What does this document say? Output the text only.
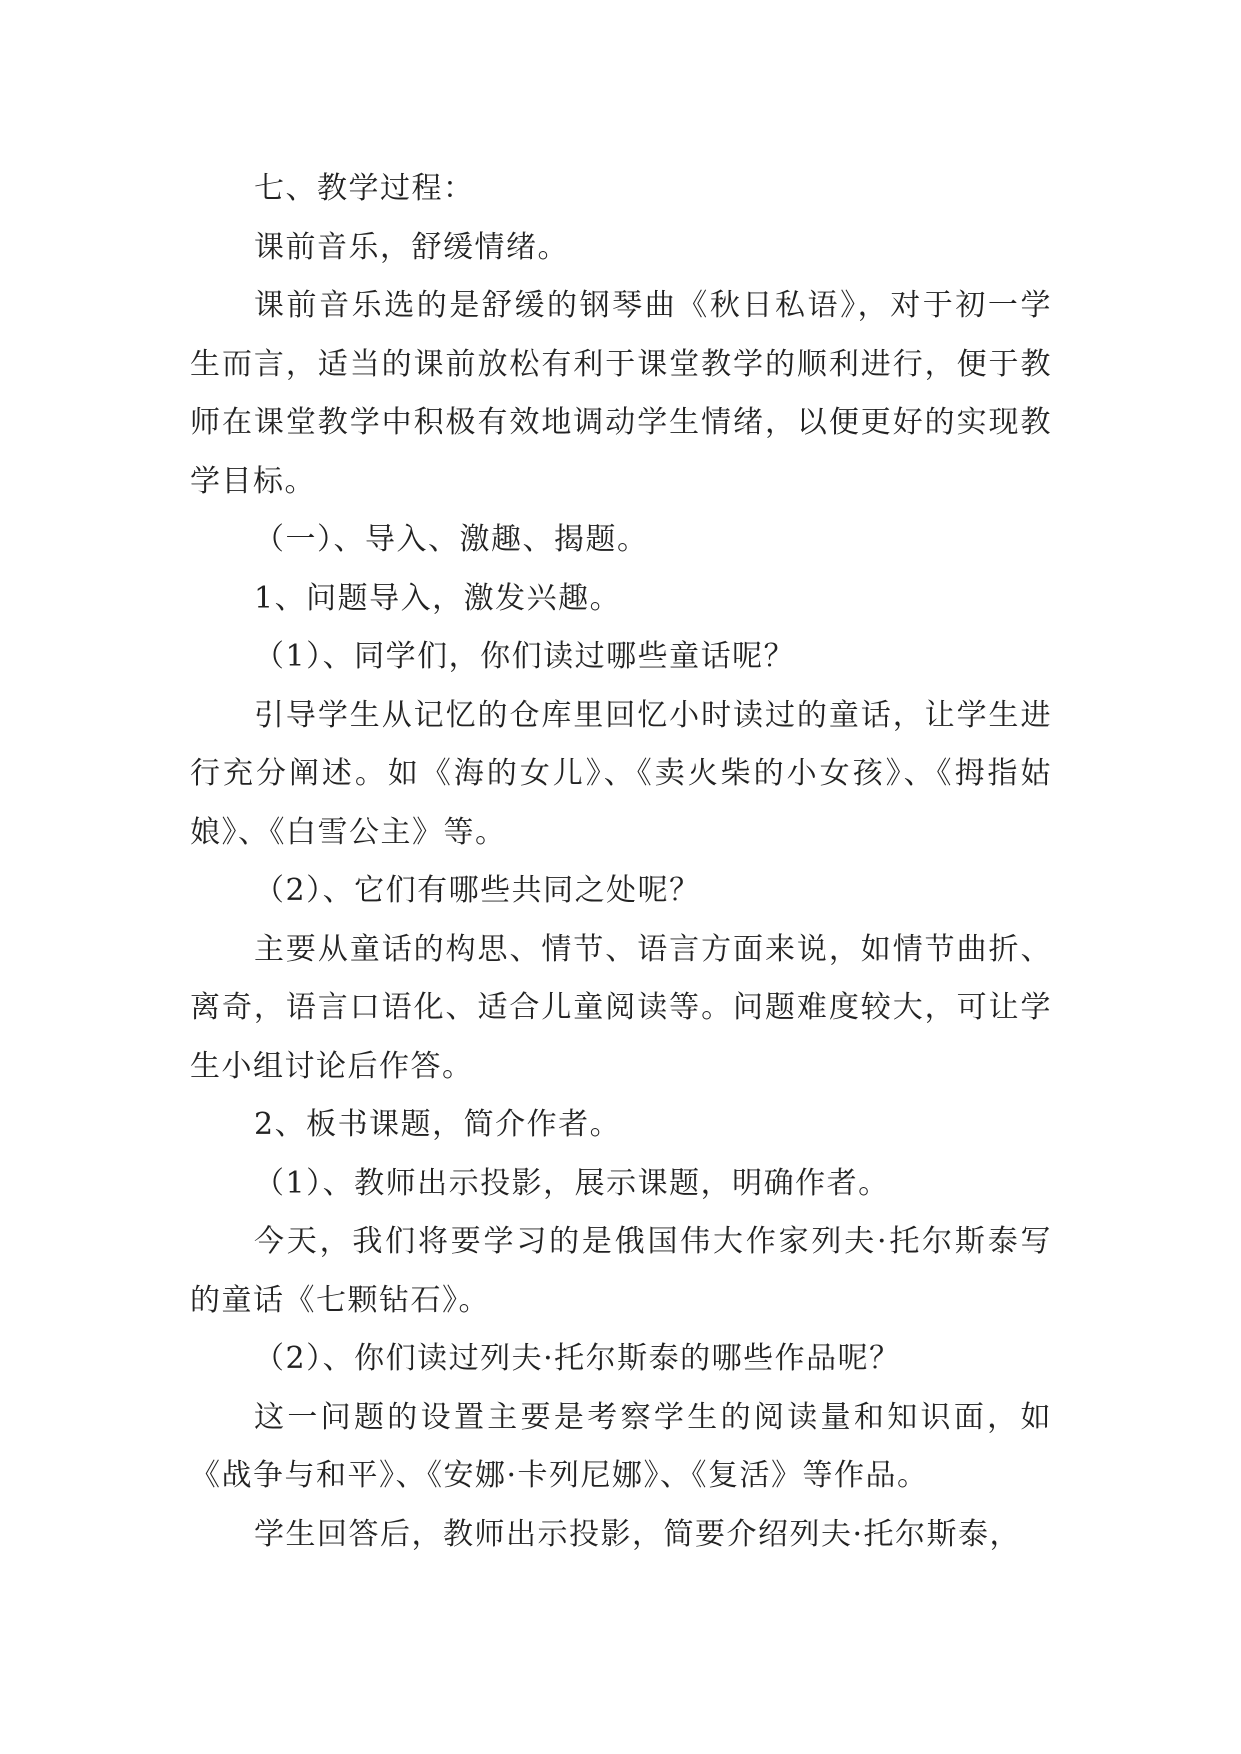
七、教学过程：

课前音乐，舒缓情绪。

课前音乐选的是舒缓的钢琴曲《秋日私语》，对于初一学生而言，适当的课前放松有利于课堂教学的顺利进行，便于教师在课堂教学中积极有效地调动学生情绪，以便更好的实现教学目标。

（一）、导入、激趣、揭题。

1、问题导入，激发兴趣。

（1）、同学们，你们读过哪些童话呢？

引导学生从记忆的仓库里回忆小时读过的童话，让学生进行充分阐述。如《海的女儿》、《卖火柴的小女孩》、《拇指姑娘》、《白雪公主》等。

（2）、它们有哪些共同之处呢？

主要从童话的构思、情节、语言方面来说，如情节曲折、离奇，语言口语化、适合儿童阅读等。问题难度较大，可让学生小组讨论后作答。

2、板书课题，简介作者。

（1）、教师出示投影，展示课题，明确作者。

今天，我们将要学习的是俄国伟大作家列夫·托尔斯泰写的童话《七颗钻石》。

（2）、你们读过列夫·托尔斯泰的哪些作品呢？

这一问题的设置主要是考察学生的阅读量和知识面，如《战争与和平》、《安娜·卡列尼娜》、《复活》等作品。

学生回答后，教师出示投影，简要介绍列夫·托尔斯泰，
